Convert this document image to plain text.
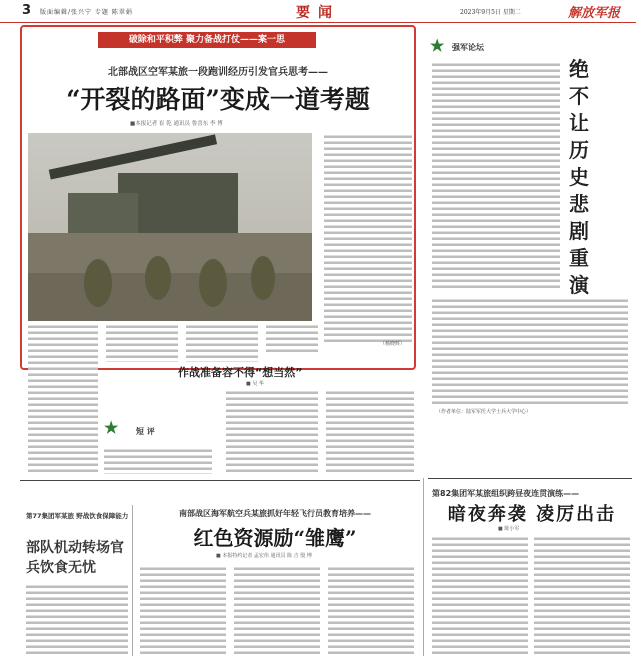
3 版面编辑/张兴宁 专题 陈翠娟	要闻	2023年9月5日 星期二	解放军报
破除和平积弊 聚力备战打仗——案一思
北部战区空军某旅一段跑训经历引发官兵思考——
“开裂的路面”变成一道考题
■本报记者 崔 乾 通讯员 鲁喜东 李 博
（杨晓辉）
作战准备容不得“想当然”
■ 吴 华
★ 短 评
★ 强军论坛
绝不让历史悲剧重演
（作者单位：陆军军医大学士兵大学中心）
第77集团军某旅 野战饮食保障能力
部队机动转场官兵饮食无忧
南部战区海军航空兵某旅抓好年轻飞行员教育培养——
红色资源励“雏鹰”
■ 本报特约记者 孟宏伟 通讯员 陈 吉 殷 博
第82集团军某旅组织跨昼夜连贯演练——
暗夜奔袭 凌厉出击
■ 陈小军
